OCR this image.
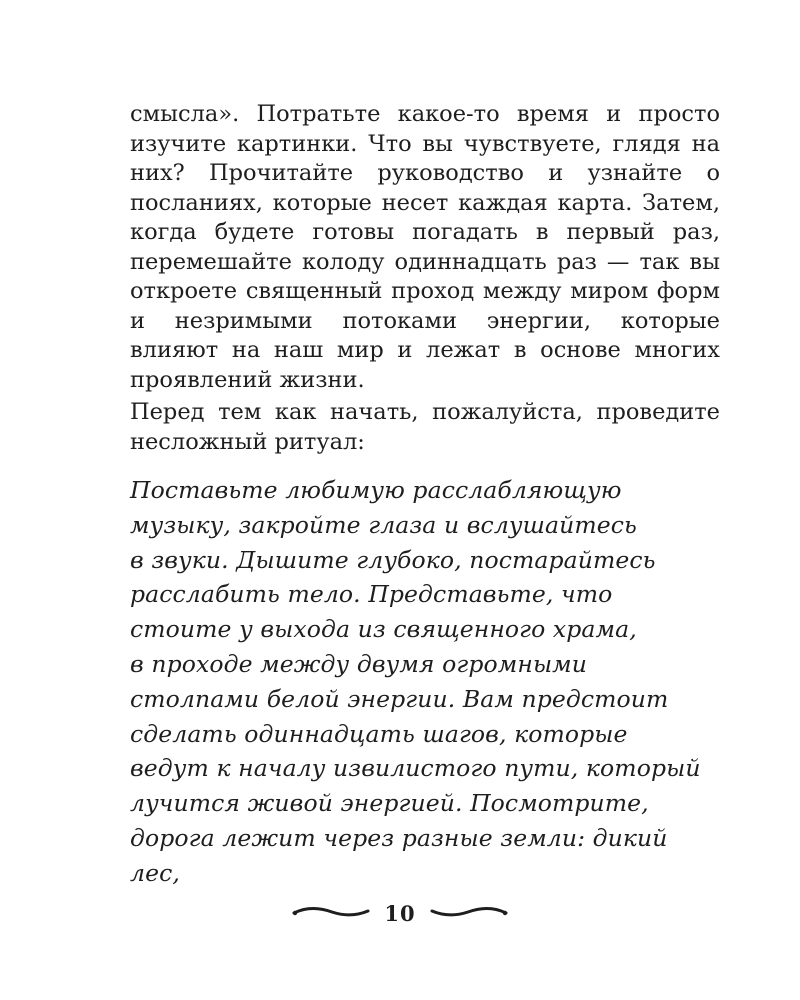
смысла». Потратьте какое-то время и просто изучите картинки. Что вы чувствуете, глядя на них? Прочитайте руководство и узнайте о посланиях, которые несет каждая карта. Затем, когда будете готовы погадать в первый раз, перемешайте колоду одиннадцать раз — так вы откроете священный проход между миром форм и незримыми потоками энергии, которые влияют на наш мир и лежат в основе многих проявлений жизни.

Перед тем как начать, пожалуйста, проведите несложный ритуал:

Поставьте любимую расслабляющую
музыку, закройте глаза и вслушайтесь
в звуки. Дышите глубоко, постарайтесь
расслабить тело. Представьте, что
стоите у выхода из священного храма,
в проходе между двумя огромными
столпами белой энергии. Вам предстоит
сделать одиннадцать шагов, которые
ведут к началу извилистого пути, который
лучится живой энергией. Посмотрите,
дорога лежит через разные земли: дикий лес,

10
